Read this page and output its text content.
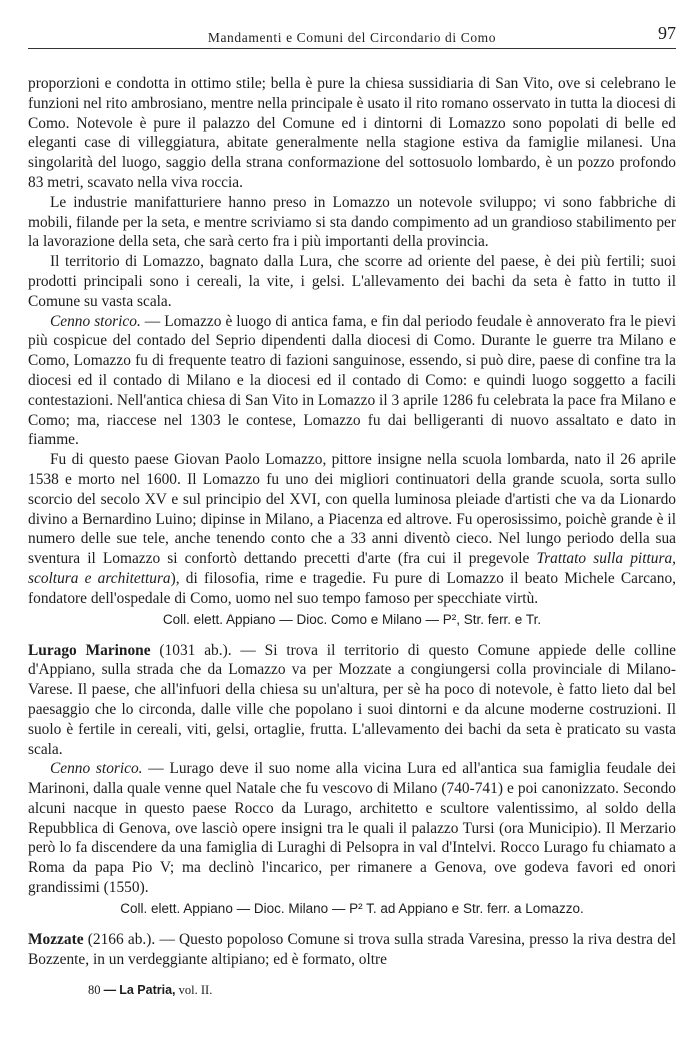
Mandamenti e Comuni del Circondario di Como	97

proporzioni e condotta in ottimo stile; bella è pure la chiesa sussidiaria di San Vito, ove si celebrano le funzioni nel rito ambrosiano, mentre nella principale è usato il rito romano osservato in tutta la diocesi di Como. Notevole è pure il palazzo del Comune ed i dintorni di Lomazzo sono popolati di belle ed eleganti case di villeggiatura, abitate generalmente nella stagione estiva da famiglie milanesi. Una singolarità del luogo, saggio della strana conformazione del sottosuolo lombardo, è un pozzo profondo 83 metri, scavato nella viva roccia.

Le industrie manifatturiere hanno preso in Lomazzo un notevole sviluppo; vi sono fabbriche di mobili, filande per la seta, e mentre scriviamo si sta dando compimento ad un grandioso stabilimento per la lavorazione della seta, che sarà certo fra i più importanti della provincia.

Il territorio di Lomazzo, bagnato dalla Lura, che scorre ad oriente del paese, è dei più fertili; suoi prodotti principali sono i cereali, la vite, i gelsi. L'allevamento dei bachi da seta è fatto in tutto il Comune su vasta scala.

Cenno storico. — Lomazzo è luogo di antica fama, e fin dal periodo feudale è annoverato fra le pievi più cospicue del contado del Seprio dipendenti dalla diocesi di Como. Durante le guerre tra Milano e Como, Lomazzo fu di frequente teatro di fazioni sanguinose, essendo, si può dire, paese di confine tra la diocesi ed il contado di Milano e la diocesi ed il contado di Como: e quindi luogo soggetto a facili contestazioni. Nell'antica chiesa di San Vito in Lomazzo il 3 aprile 1286 fu celebrata la pace fra Milano e Como; ma, riaccese nel 1303 le contese, Lomazzo fu dai belligeranti di nuovo assaltato e dato in fiamme.

Fu di questo paese Giovan Paolo Lomazzo, pittore insigne nella scuola lombarda, nato il 26 aprile 1538 e morto nel 1600. Il Lomazzo fu uno dei migliori continuatori della grande scuola, sorta sullo scorcio del secolo XV e sul principio del XVI, con quella luminosa pleiade d'artisti che va da Lionardo divino a Bernardino Luino; dipinse in Milano, a Piacenza ed altrove. Fu operosissimo, poichè grande è il numero delle sue tele, anche tenendo conto che a 33 anni diventò cieco. Nel lungo periodo della sua sventura il Lomazzo si confortò dettando precetti d'arte (fra cui il pregevole Trattato sulla pittura, scoltura e architettura), di filosofia, rime e tragedie. Fu pure di Lomazzo il beato Michele Carcano, fondatore dell'ospedale di Como, uomo nel suo tempo famoso per specchiate virtù.

Coll. elett. Appiano — Dioc. Como e Milano — P², Str. ferr. e Tr.

Lurago Marinone (1031 ab.). — Si trova il territorio di questo Comune appiede delle colline d'Appiano, sulla strada che da Lomazzo va per Mozzate a congiungersi colla provinciale di Milano-Varese. Il paese, che all'infuori della chiesa su un'altura, per sè ha poco di notevole, è fatto lieto dal bel paesaggio che lo circonda, dalle ville che popolano i suoi dintorni e da alcune moderne costruzioni. Il suolo è fertile in cereali, viti, gelsi, ortaglie, frutta. L'allevamento dei bachi da seta è praticato su vasta scala.

Cenno storico. — Lurago deve il suo nome alla vicina Lura ed all'antica sua famiglia feudale dei Marinoni, dalla quale venne quel Natale che fu vescovo di Milano (740-741) e poi canonizzato. Secondo alcuni nacque in questo paese Rocco da Lurago, architetto e scultore valentissimo, al soldo della Repubblica di Genova, ove lasciò opere insigni tra le quali il palazzo Tursi (ora Municipio). Il Merzario però lo fa discendere da una famiglia di Luraghi di Pelsopra in val d'Intelvi. Rocco Lurago fu chiamato a Roma da papa Pio V; ma declinò l'incarico, per rimanere a Genova, ove godeva favori ed onori grandissimi (1550).

Coll. elett. Appiano — Dioc. Milano — P² T. ad Appiano e Str. ferr. a Lomazzo.

Mozzate (2166 ab.). — Questo popoloso Comune si trova sulla strada Varesina, presso la riva destra del Bozzente, in un verdeggiante altipiano; ed è formato, oltre

80 — La Patria, vol. II.
